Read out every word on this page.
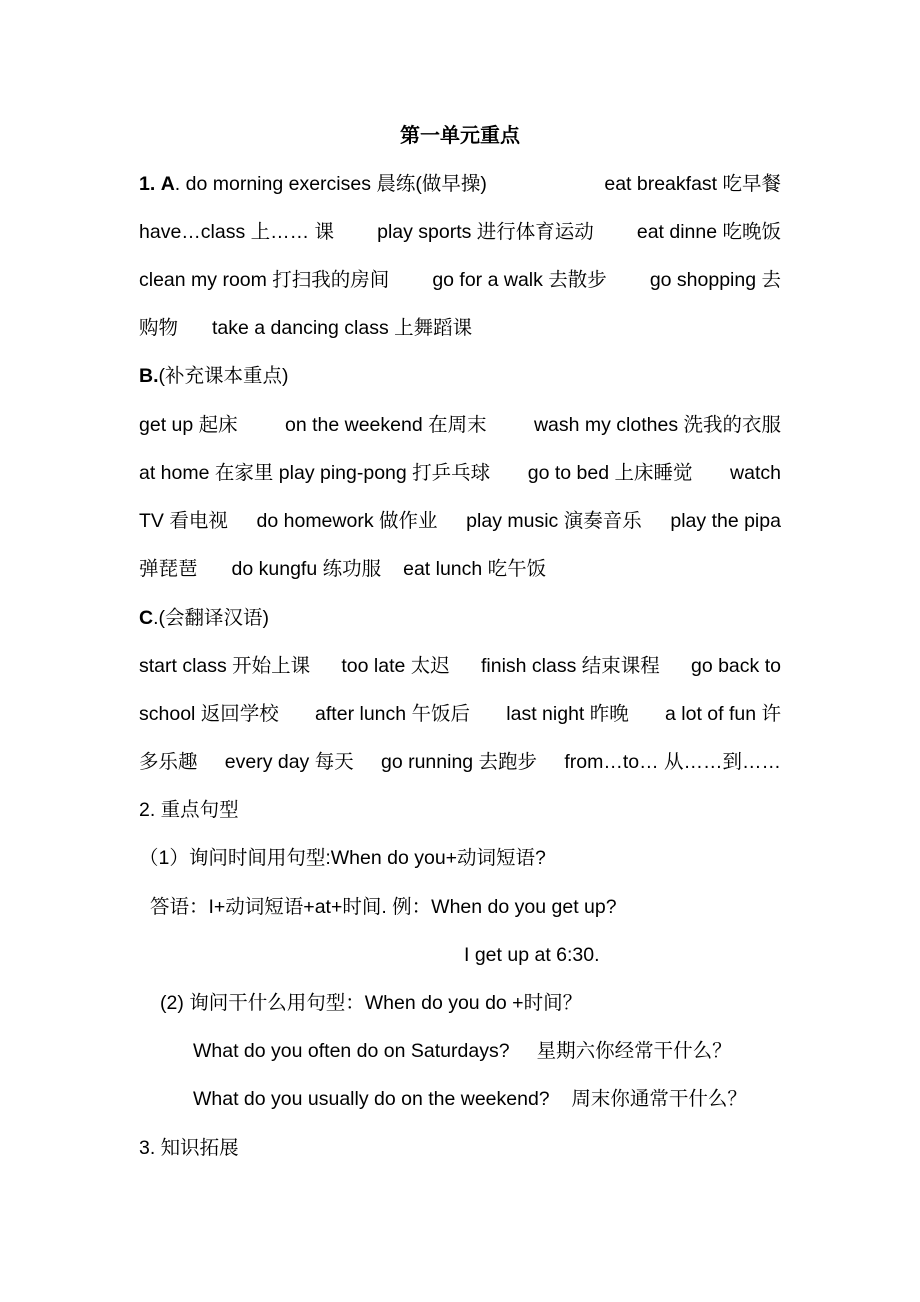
第一单元重点
1. A. do morning exercises 晨练(做早操)	eat breakfast 吃早餐
have…class 上…… 课 play sports 进行体育运动 eat dinne 吃晚饭
clean my room 打扫我的房间 go for a walk 去散步 go shopping 去
购物 take a dancing class 上舞蹈课
B.(补充课本重点)
get up 起床 on the weekend 在周末 wash my clothes 洗我的衣服
at home 在家里 play ping-pong 打乒乓球 go to bed 上床睡觉 watch
TV 看电视 do homework 做作业 play music 演奏音乐 play the pipa
弹琵琶 do kungfu 练功服 eat lunch 吃午饭
C.(会翻译汉语)
start class 开始上课 too late 太迟 finish class 结束课程 go back to
school 返回学校 after lunch 午饭后 last night 昨晚 a lot of fun 许
多乐趣 every day 每天 go running 去跑步 from…to… 从……到……
2. 重点句型
（1）询问时间用句型:When do you+动词短语?
答语：I+动词短语+at+时间. 例：When do you get up?
I get up at 6:30.
(2) 询问干什么用句型：When do you do +时间？
What do you often do on Saturdays?     星期六你经常干什么？
What do you usually do on the weekend?    周末你通常干什么？
3. 知识拓展
